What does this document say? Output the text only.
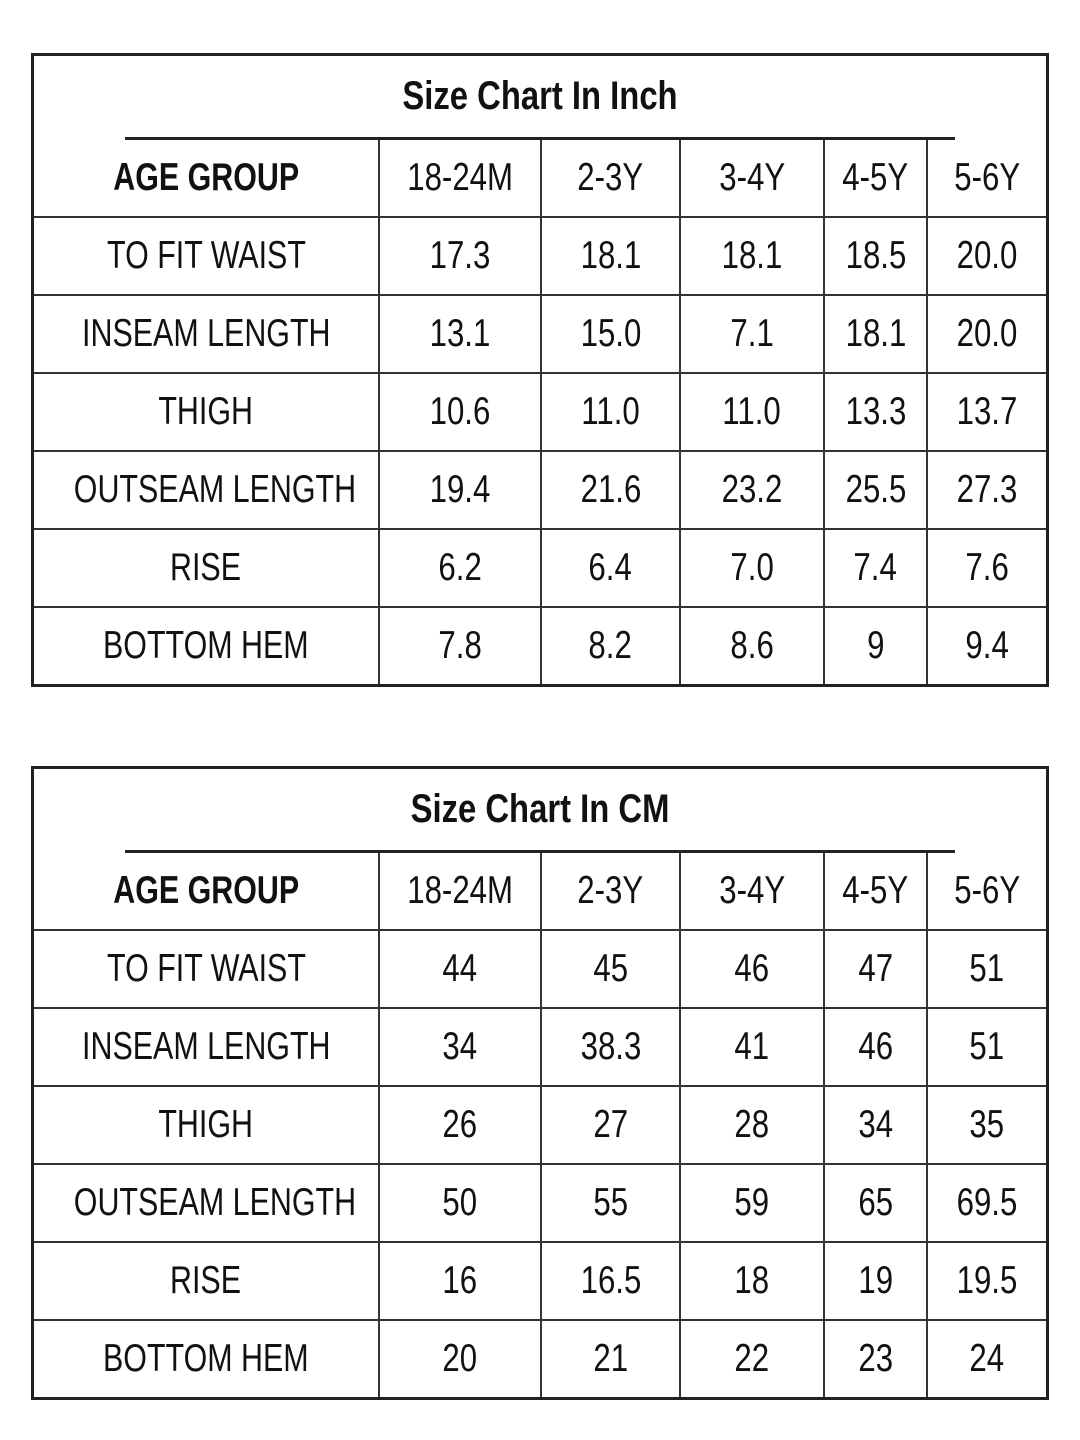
Size Chart In Inch
AGE GROUP	18-24M	2-3Y	3-4Y	4-5Y	5-6Y
TO FIT WAIST	17.3	18.1	18.1	18.5	20.0
INSEAM LENGTH	13.1	15.0	7.1	18.1	20.0
THIGH	10.6	11.0	11.0	13.3	13.7
OUTSEAM LENGTH	19.4	21.6	23.2	25.5	27.3
RISE	6.2	6.4	7.0	7.4	7.6
BOTTOM HEM	7.8	8.2	8.6	9	9.4
Size Chart In CM
AGE GROUP	18-24M	2-3Y	3-4Y	4-5Y	5-6Y
TO FIT WAIST	44	45	46	47	51
INSEAM LENGTH	34	38.3	41	46	51
THIGH	26	27	28	34	35
OUTSEAM LENGTH	50	55	59	65	69.5
RISE	16	16.5	18	19	19.5
BOTTOM HEM	20	21	22	23	24
